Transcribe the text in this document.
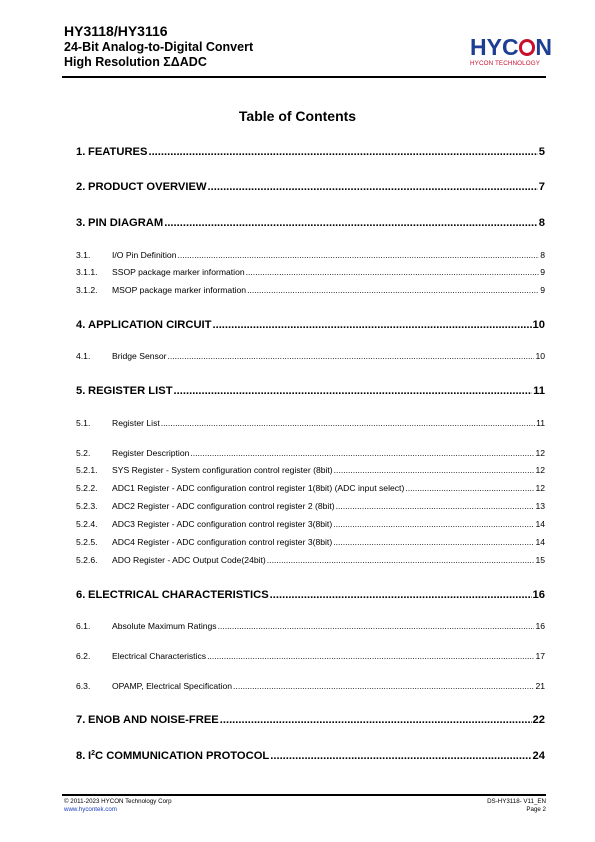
HY3118/HY3116
24-Bit Analog-to-Digital Convert
High Resolution ΣΔADC
HYC N
HYCON TECHNOLOGY
Table of Contents
1. FEATURES .....	5
2. PRODUCT OVERVIEW .....	7
3. PIN DIAGRAM .....	8
3.1.	I/O Pin Definition .....	8
3.1.1.	SSOP package marker information .....	9
3.1.2.	MSOP package marker information .....	9
4. APPLICATION CIRCUIT .....	10
4.1.	Bridge Sensor .....	10
5. REGISTER LIST .....	11
5.1.	Register List .....	11
5.2.	Register Description .....	12
5.2.1.	SYS Register - System configuration control register (8bit) .....	12
5.2.2.	ADC1 Register - ADC configuration control register 1(8bit) (ADC input select) .....	12
5.2.3.	ADC2 Register - ADC configuration control register 2 (8bit) .....	13
5.2.4.	ADC3 Register - ADC configuration control register 3(8bit) .....	14
5.2.5.	ADC4 Register - ADC configuration control register 3(8bit) .....	14
5.2.6.	ADO Register - ADC Output Code(24bit) .....	15
6. ELECTRICAL CHARACTERISTICS .....	16
6.1.	Absolute Maximum Ratings .....	16
6.2.	Electrical Characteristics .....	17
6.3.	OPAMP, Electrical Specification .....	21
7. ENOB AND NOISE-FREE .....	22
8. $I^2C$ COMMUNICATION PROTOCOL .....	24
© 2011-2023 HYCON Technology Corp
www.hycontek.com
DS-HY3118- V11_EN
Page 2
